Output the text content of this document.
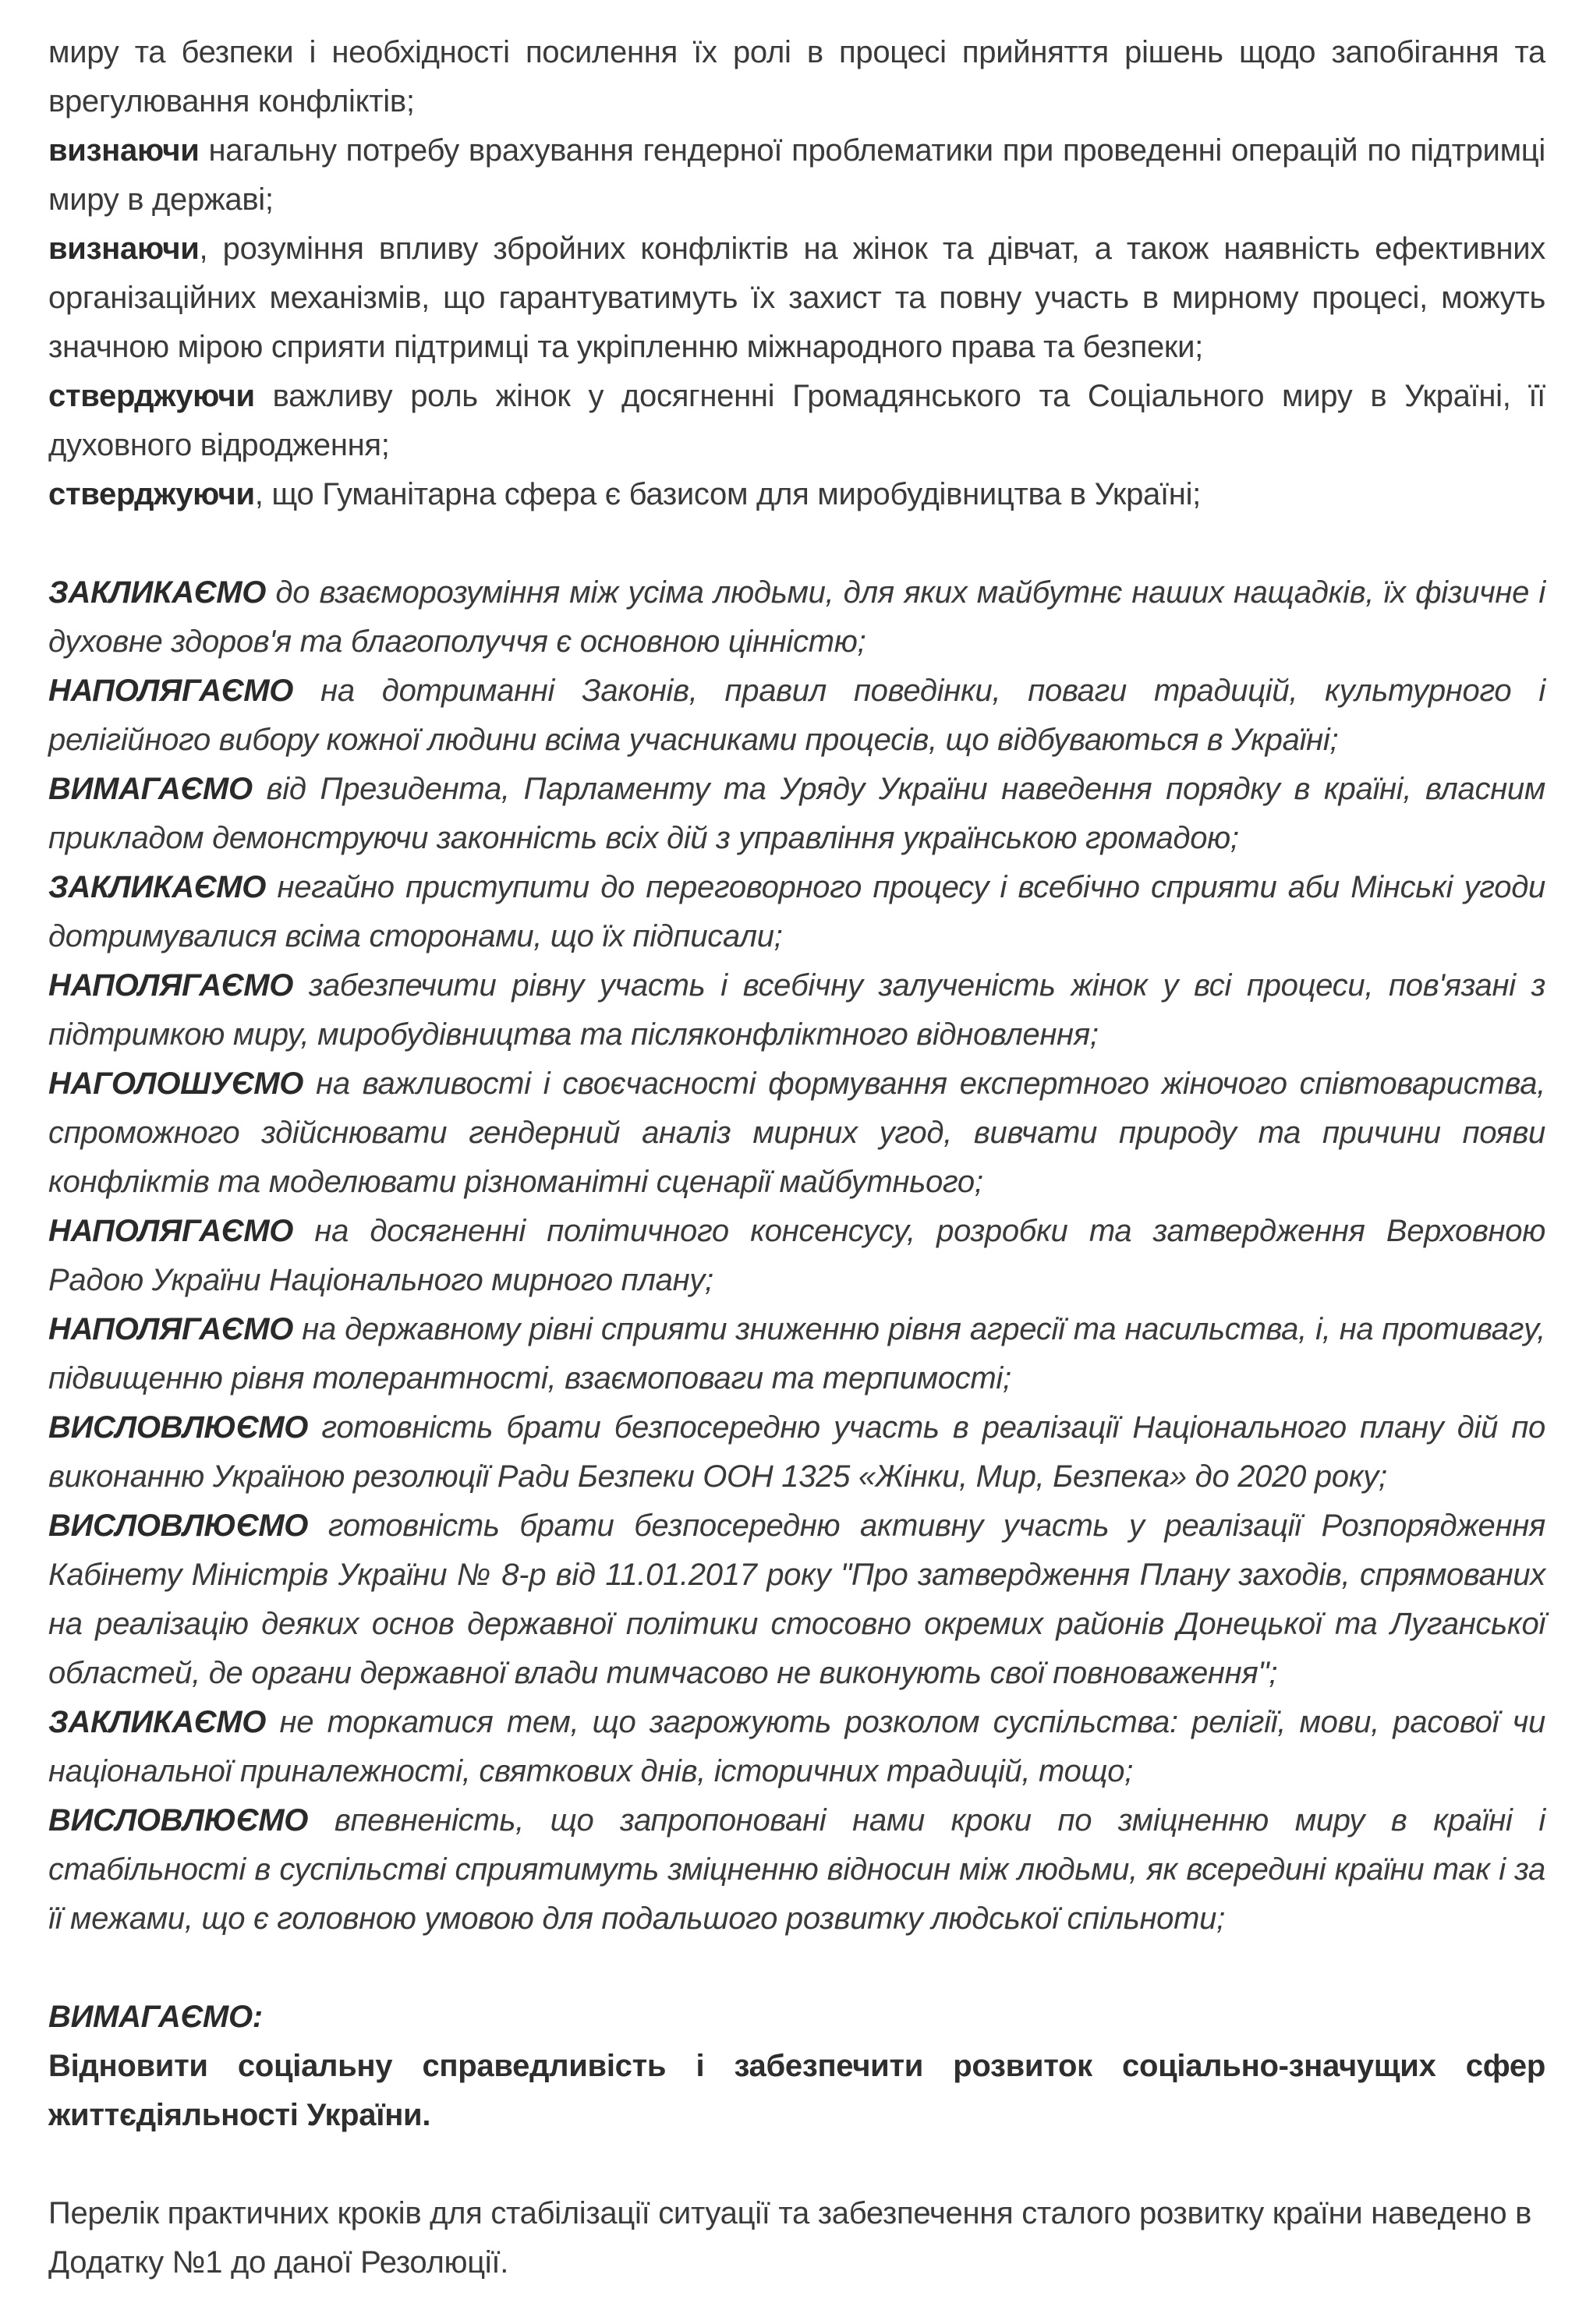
миру та безпеки і необхідності посилення їх ролі в процесі прийняття рішень щодо запобігання та врегулювання конфліктів;

визнаючи нагальну потребу врахування гендерної проблематики при проведенні операцій по підтримці миру в державі;

визнаючи, розуміння впливу збройних конфліктів на жінок та дівчат, а також наявність ефективних організаційних механізмів, що гарантуватимуть їх захист та повну участь в мирному процесі, можуть значною мірою сприяти підтримці та укріпленню міжнародного права та безпеки;

стверджуючи важливу роль жінок у досягненні Громадянського та Соціального миру в Україні, її духовного відродження;

стверджуючи, що Гуманітарна сфера є базисом для миробудівництва в Україні;

ЗАКЛИКАЄМО до взаєморозуміння між усіма людьми, для яких майбутнє наших нащадків, їх фізичне і духовне здоров'я та благополуччя є основною цінністю;

НАПОЛЯГАЄМО на дотриманні Законів, правил поведінки, поваги традицій, культурного і релігійного вибору кожної людини всіма учасниками процесів, що відбуваються в Україні;

ВИМАГАЄМО від Президента, Парламенту та Уряду України наведення порядку в країні, власним прикладом демонструючи законність всіх дій з управління українською громадою;

ЗАКЛИКАЄМО негайно приступити до переговорного процесу і всебічно сприяти аби Мінські угоди дотримувалися всіма сторонами, що їх підписали;

НАПОЛЯГАЄМО забезпечити рівну участь і всебічну залученість жінок у всі процеси, пов'язані з підтримкою миру, миробудівництва та післяконфліктного відновлення;

НАГОЛОШУЄМО на важливості і своєчасності формування експертного жіночого співтовариства, спроможного здійснювати гендерний аналіз мирних угод, вивчати природу та причини появи конфліктів та моделювати різноманітні сценарії майбутнього;

НАПОЛЯГАЄМО на досягненні політичного консенсусу, розробки та затвердження Верховною Радою України Національного мирного плану;

НАПОЛЯГАЄМО на державному рівні сприяти зниженню рівня агресії та насильства, і, на противагу, підвищенню рівня толерантності, взаємоповаги та терпимості;

ВИСЛОВЛЮЄМО готовність брати безпосередню участь в реалізації Національного плану дій по виконанню Україною резолюції Ради Безпеки ООН 1325 «Жінки, Мир, Безпека» до 2020 року;

ВИСЛОВЛЮЄМО готовність брати безпосередню активну участь у реалізації Розпорядження Кабінету Міністрів України № 8-р від 11.01.2017 року "Про затвердження Плану заходів, спрямованих на реалізацію деяких основ державної політики стосовно окремих районів Донецької та Луганської областей, де органи державної влади тимчасово не виконують свої повноваження";

ЗАКЛИКАЄМО не торкатися тем, що загрожують розколом суспільства: релігії, мови, расової чи національної приналежності, святкових днів, історичних традицій, тощо;

ВИСЛОВЛЮЄМО впевненість, що запропоновані нами кроки по зміцненню миру в країні і стабільності в суспільстві сприятимуть зміцненню відносин між людьми, як всередині країни так і за її межами, що є головною умовою для подальшого розвитку людської спільноти;

ВИМАГАЄМО:

Відновити соціальну справедливість і забезпечити розвиток соціально-значущих сфер життєдіяльності України.

Перелік практичних кроків для стабілізації ситуації та забезпечення сталого розвитку країни наведено в Додатку №1 до даної Резолюції.
